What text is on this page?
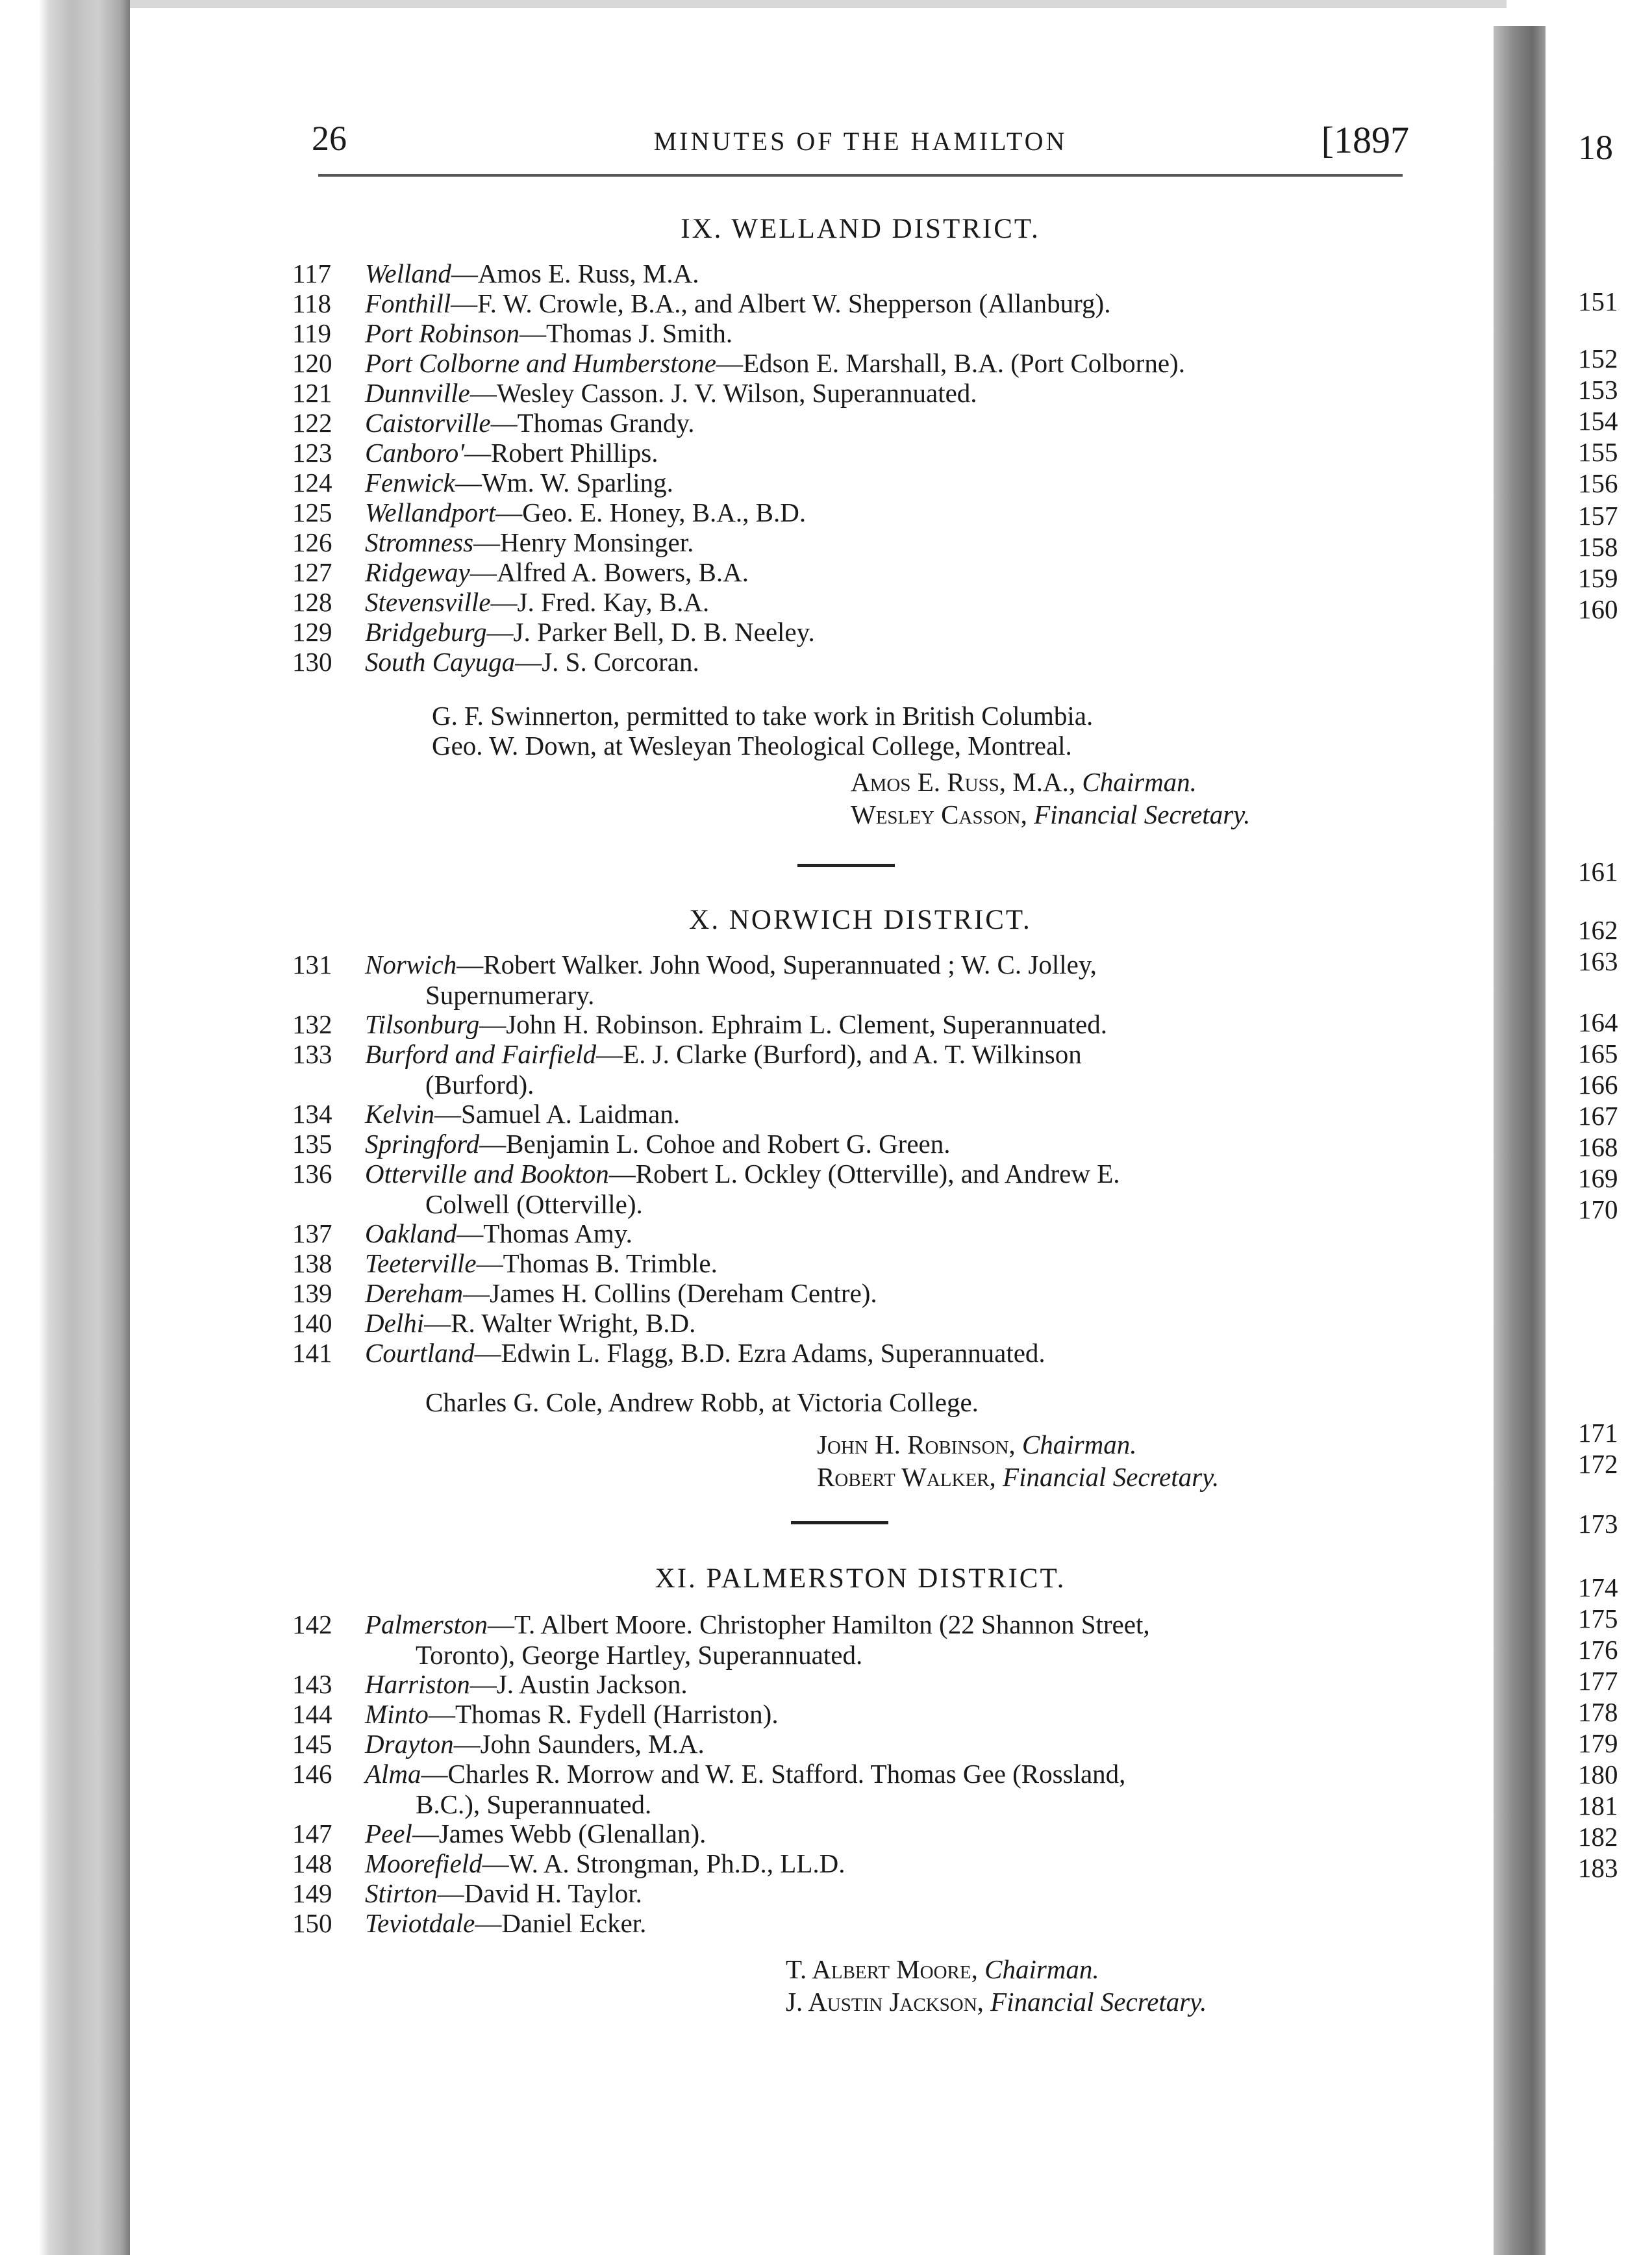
26	MINUTES OF THE HAMILTON	[1897
IX. WELLAND DISTRICT.
117	Welland—Amos E. Russ, M.A.
118	Fonthill—F. W. Crowle, B.A., and Albert W. Shepperson (Allanburg).
119	Port Robinson—Thomas J. Smith.
120	Port Colborne and Humberstone—Edson E. Marshall, B.A. (Port Colborne).
121	Dunnville—Wesley Casson. J. V. Wilson, Superannuated.
122	Caistorville—Thomas Grandy.
123	Canboro'—Robert Phillips.
124	Fenwick—Wm. W. Sparling.
125	Wellandport—Geo. E. Honey, B.A., B.D.
126	Stromness—Henry Monsinger.
127	Ridgeway—Alfred A. Bowers, B.A.
128	Stevensville—J. Fred. Kay, B.A.
129	Bridgeburg—J. Parker Bell, D. B. Neeley.
130	South Cayuga—J. S. Corcoran.
G. F. Swinnerton, permitted to take work in British Columbia.
Geo. W. Down, at Wesleyan Theological College, Montreal.
Amos E. Russ, M.A., Chairman.
Wesley Casson, Financial Secretary.
X. NORWICH DISTRICT.
131	Norwich—Robert Walker. John Wood, Superannuated ; W. C. Jolley,
Supernumerary.
132	Tilsonburg—John H. Robinson. Ephraim L. Clement, Superannuated.
133	Burford and Fairfield—E. J. Clarke (Burford), and A. T. Wilkinson
(Burford).
134	Kelvin—Samuel A. Laidman.
135	Springford—Benjamin L. Cohoe and Robert G. Green.
136	Otterville and Bookton—Robert L. Ockley (Otterville), and Andrew E.
Colwell (Otterville).
137	Oakland—Thomas Amy.
138	Teeterville—Thomas B. Trimble.
139	Dereham—James H. Collins (Dereham Centre).
140	Delhi—R. Walter Wright, B.D.
141	Courtland—Edwin L. Flagg, B.D. Ezra Adams, Superannuated.
Charles G. Cole, Andrew Robb, at Victoria College.
John H. Robinson, Chairman.
Robert Walker, Financial Secretary.
XI. PALMERSTON DISTRICT.
142	Palmerston—T. Albert Moore. Christopher Hamilton (22 Shannon Street,
Toronto), George Hartley, Superannuated.
143	Harriston—J. Austin Jackson.
144	Minto—Thomas R. Fydell (Harriston).
145	Drayton—John Saunders, M.A.
146	Alma—Charles R. Morrow and W. E. Stafford. Thomas Gee (Rossland,
B.C.), Superannuated.
147	Peel—James Webb (Glenallan).
148	Moorefield—W. A. Strongman, Ph.D., LL.D.
149	Stirton—David H. Taylor.
150	Teviotdale—Daniel Ecker.
T. Albert Moore, Chairman.
J. Austin Jackson, Financial Secretary.
18
151
152
153
154
155
156
157
158
159
160
161
162
163
164
165
166
167
168
169
170
171
172
173
174
175
176
177
178
179
180
181
182
183
